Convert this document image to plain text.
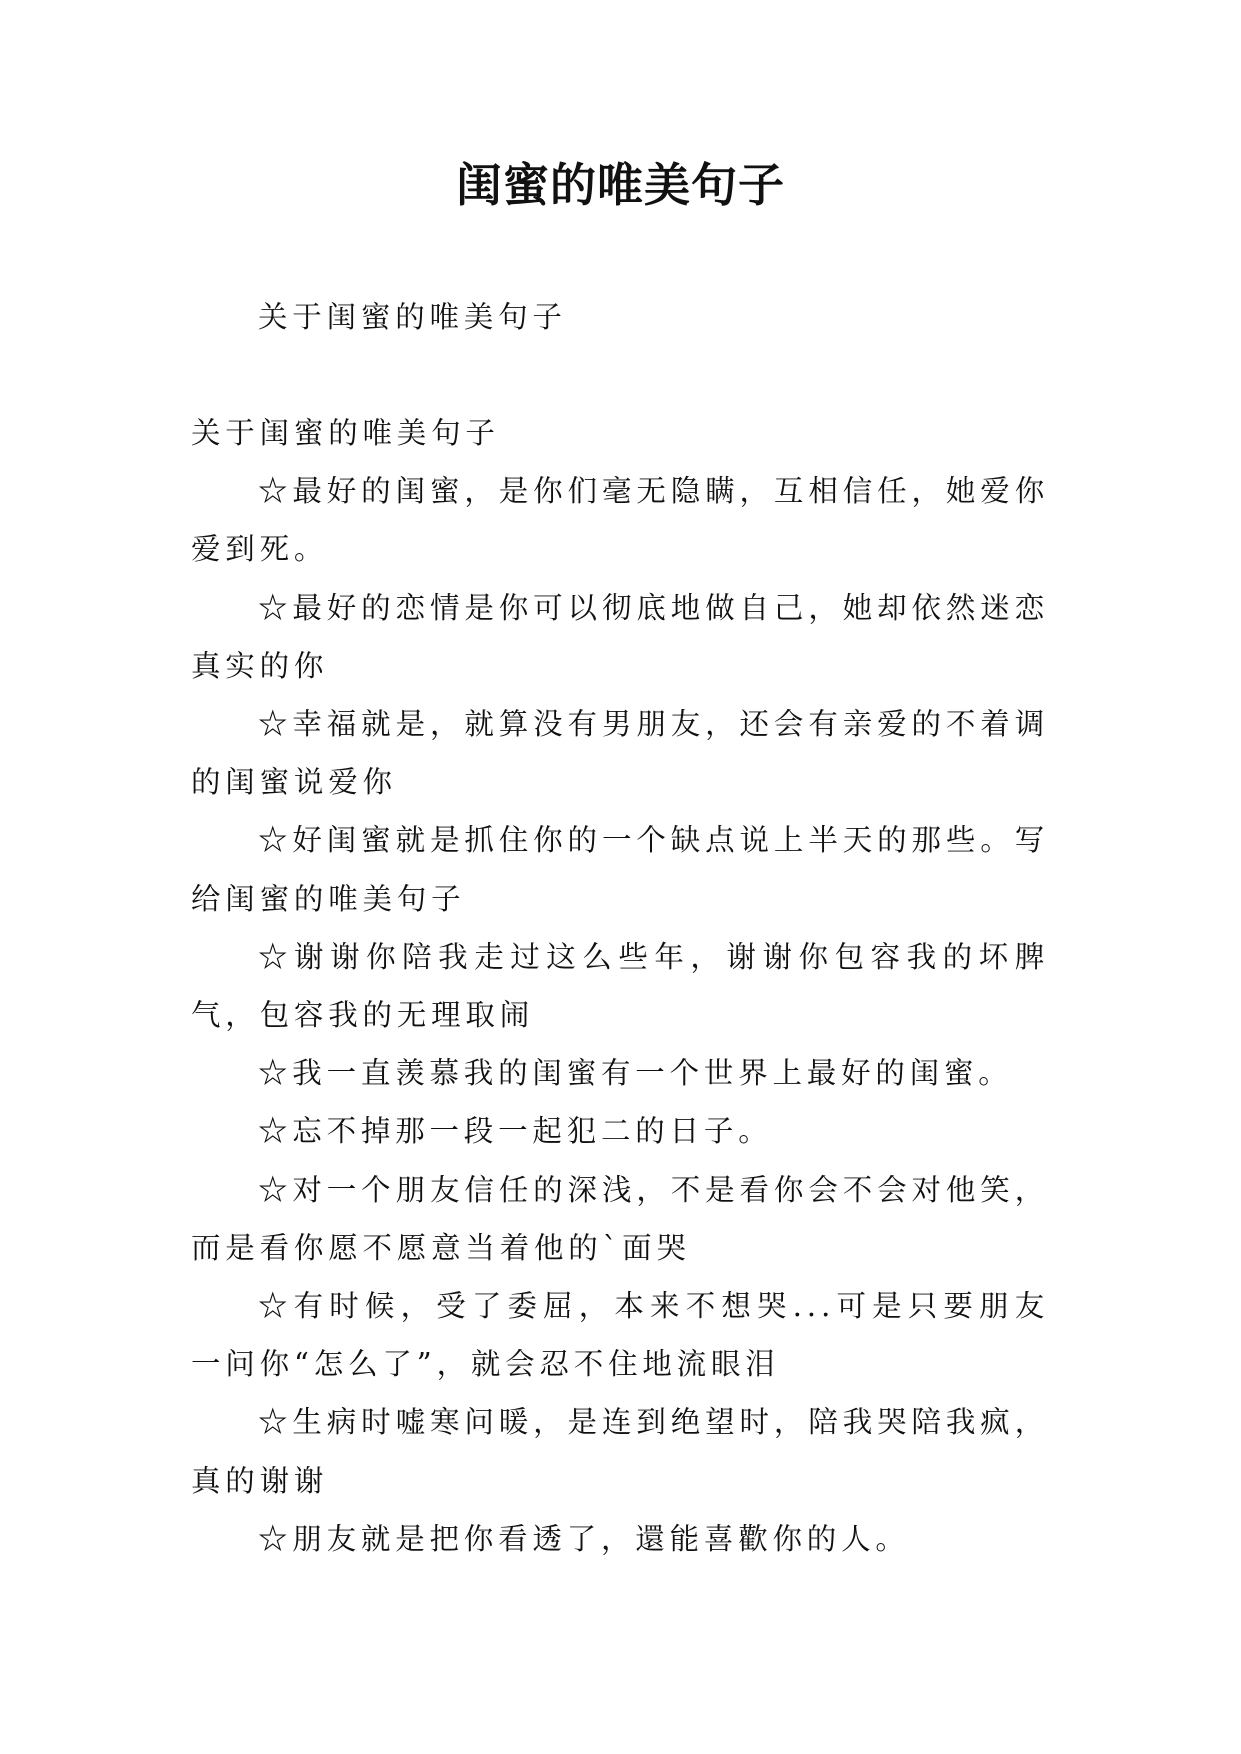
闺蜜的唯美句子

关于闺蜜的唯美句子

关于闺蜜的唯美句子

☆最好的闺蜜，是你们毫无隐瞒，互相信任，她爱你爱到死。

☆最好的恋情是你可以彻底地做自己，她却依然迷恋真实的你

☆幸福就是，就算没有男朋友，还会有亲爱的不着调的闺蜜说爱你

☆好闺蜜就是抓住你的一个缺点说上半天的那些。写给闺蜜的唯美句子

☆谢谢你陪我走过这么些年，谢谢你包容我的坏脾气，包容我的无理取闹

☆我一直羡慕我的闺蜜有一个世界上最好的闺蜜。

☆忘不掉那一段一起犯二的日子。

☆对一个朋友信任的深浅，不是看你会不会对他笑，而是看你愿不愿意当着他的`面哭

☆有时候，受了委屈，本来不想哭...可是只要朋友一问你“怎么了”，就会忍不住地流眼泪

☆生病时嘘寒问暖，是连到绝望时，陪我哭陪我疯，真的谢谢

☆朋友就是把你看透了，還能喜歡你的人。
